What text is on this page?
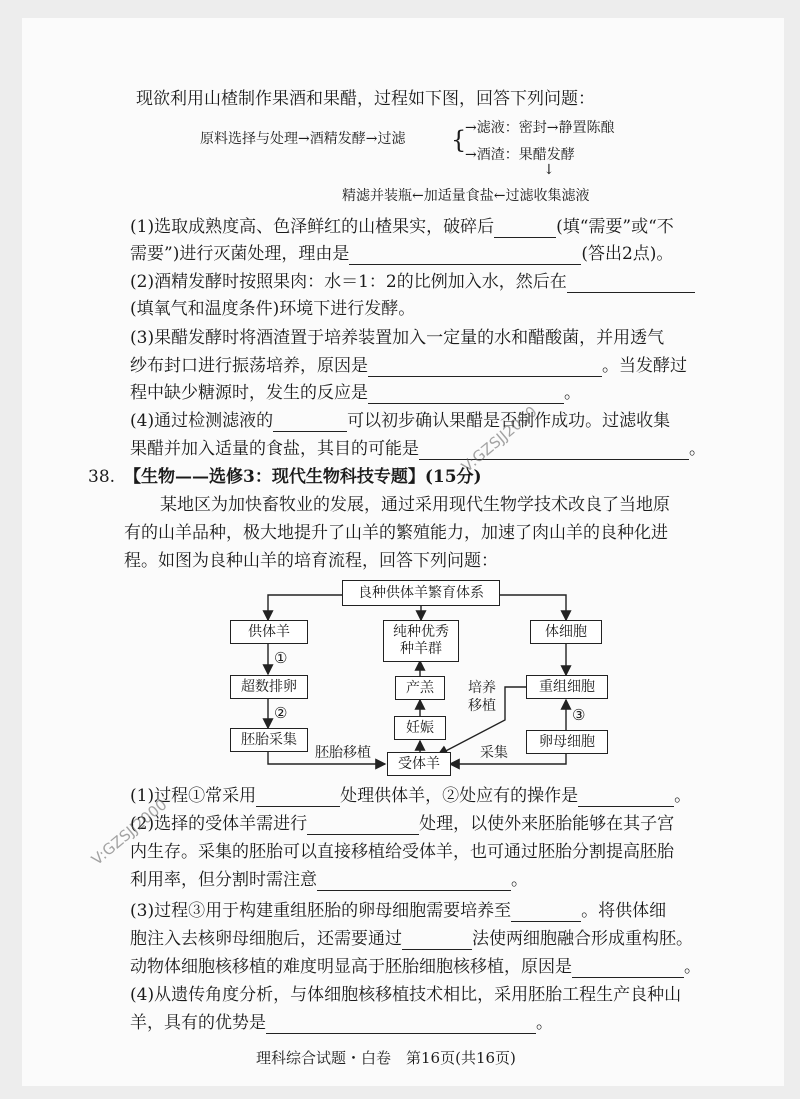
现欲利用山楂制作果酒和果醋，过程如下图，回答下列问题：
原料选择与处理→酒精发酵→过滤 {
→滤液：密封→静置陈酿
→酒渣：果醋发酵
↓
精滤并装瓶←加适量食盐←过滤收集滤液
(1)选取成熟度高、色泽鲜红的山楂果实，破碎后	(填“需要”或“不
需要”)进行灭菌处理，理由是	(答出2点)。
(2)酒精发酵时按照果肉：水＝1：2的比例加入水，然后在
(填氧气和温度条件)环境下进行发酵。
(3)果醋发酵时将酒渣置于培养装置加入一定量的水和醋酸菌，并用透气
纱布封口进行振荡培养，原因是	。当发酵过
程中缺少糖源时，发生的反应是	。
(4)通过检测滤液的	可以初步确认果醋是否制作成功。过滤收集
果醋并加入适量的食盐，其目的可能是	。
38. 【生物——选修3：现代生物科技专题】(15分)
某地区为加快畜牧业的发展，通过采用现代生物学技术改良了当地原
有的山羊品种，极大地提升了山羊的繁殖能力，加速了肉山羊的良种化进
程。如图为良种山羊的培育流程，回答下列问题：
良种供体羊繁育体系
供体羊	纯种优秀
种羊群
体细胞
超数排卵	产羔	重组细胞
胚胎采集
妊娠
卵母细胞
受体羊
①
②	③
培养
移植
胚胎移植	采集
(1)过程①常采用	处理供体羊，②处应有的操作是	。
(2)选择的受体羊需进行	处理，以使外来胚胎能够在其子宫
内生存。采集的胚胎可以直接移植给受体羊，也可通过胚胎分割提高胚胎
利用率，但分割时需注意	。
(3)过程③用于构建重组胚胎的卵母细胞需要培养至	。将供体细
胞注入去核卵母细胞后，还需要通过	法使两细胞融合形成重构胚。
动物体细胞核移植的难度明显高于胚胎细胞核移植，原因是	。
(4)从遗传角度分析，与体细胞核移植技术相比，采用胚胎工程生产良种山
羊，具有的优势是	。
V:GZSJJ2000
V:GZSJJ2000
理科综合试题・白卷　第16页(共16页)
